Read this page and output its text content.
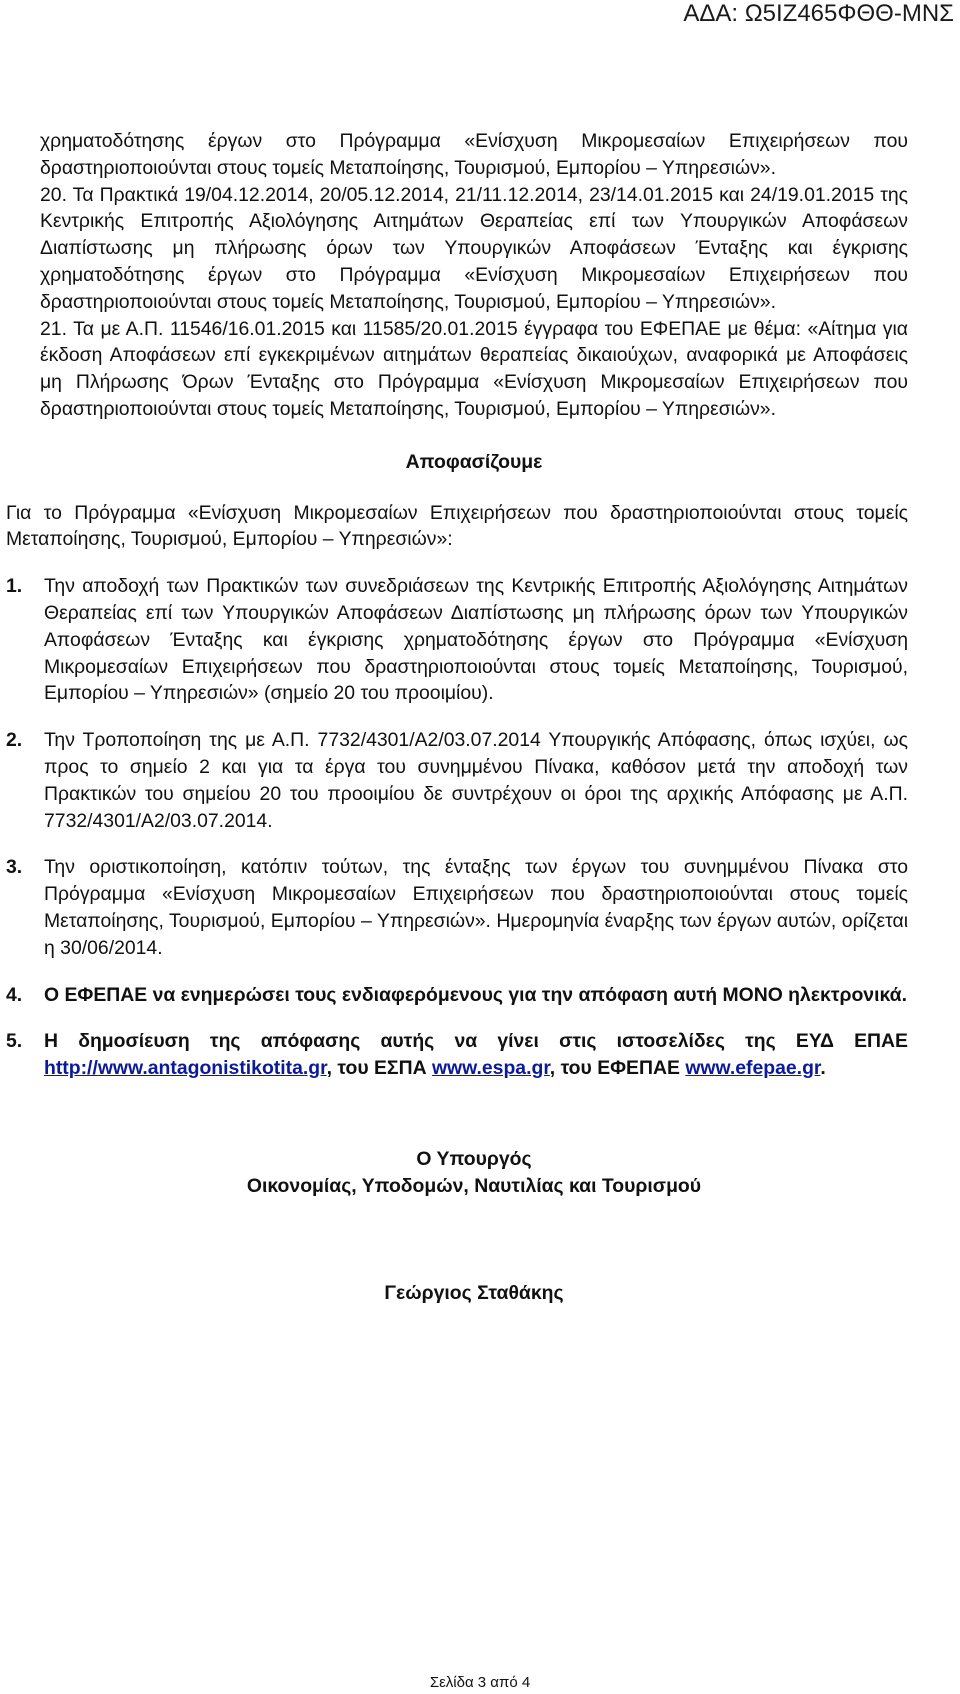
ΑΔΑ: Ω5ΙΖ465ΦΘΘ-ΜΝΣ

χρηματοδότησης έργων στο Πρόγραμμα «Ενίσχυση Μικρομεσαίων Επιχειρήσεων που δραστηριοποιούνται στους τομείς Μεταποίησης, Τουρισμού, Εμπορίου – Υπηρεσιών».

20. Τα Πρακτικά 19/04.12.2014, 20/05.12.2014, 21/11.12.2014, 23/14.01.2015 και 24/19.01.2015 της Κεντρικής Επιτροπής Αξιολόγησης Αιτημάτων Θεραπείας επί των Υπουργικών Αποφάσεων Διαπίστωσης μη πλήρωσης όρων των Υπουργικών Αποφάσεων Ένταξης και έγκρισης χρηματοδότησης έργων στο Πρόγραμμα «Ενίσχυση Μικρομεσαίων Επιχειρήσεων που δραστηριοποιούνται στους τομείς Μεταποίησης, Τουρισμού, Εμπορίου – Υπηρεσιών».

21. Τα με Α.Π. 11546/16.01.2015 και 11585/20.01.2015 έγγραφα του ΕΦΕΠΑΕ με θέμα: «Αίτημα για έκδοση Αποφάσεων επί εγκεκριμένων αιτημάτων θεραπείας δικαιούχων, αναφορικά με Αποφάσεις μη Πλήρωσης Όρων Ένταξης στο Πρόγραμμα «Ενίσχυση Μικρομεσαίων Επιχειρήσεων που δραστηριοποιούνται στους τομείς Μεταποίησης, Τουρισμού, Εμπορίου – Υπηρεσιών».

Αποφασίζουμε

Για το Πρόγραμμα «Ενίσχυση Μικρομεσαίων Επιχειρήσεων που δραστηριοποιούνται στους τομείς Μεταποίησης, Τουρισμού, Εμπορίου – Υπηρεσιών»:

1.	Την αποδοχή των Πρακτικών των συνεδριάσεων της Κεντρικής Επιτροπής Αξιολόγησης Αιτημάτων Θεραπείας επί των Υπουργικών Αποφάσεων Διαπίστωσης μη πλήρωσης όρων των Υπουργικών Αποφάσεων Ένταξης και έγκρισης χρηματοδότησης έργων στο Πρόγραμμα «Ενίσχυση Μικρομεσαίων Επιχειρήσεων που δραστηριοποιούνται στους τομείς Μεταποίησης, Τουρισμού, Εμπορίου – Υπηρεσιών» (σημείο 20 του προοιμίου).
2.	Την Τροποποίηση της με Α.Π. 7732/4301/Α2/03.07.2014 Υπουργικής Απόφασης, όπως ισχύει, ως προς το σημείο 2 και για τα έργα του συνημμένου Πίνακα, καθόσον μετά την αποδοχή των Πρακτικών του σημείου 20 του προοιμίου δε συντρέχουν οι όροι της αρχικής Απόφασης με Α.Π. 7732/4301/Α2/03.07.2014.
3.	Την οριστικοποίηση, κατόπιν τούτων, της ένταξης των έργων του συνημμένου Πίνακα στο Πρόγραμμα «Ενίσχυση Μικρομεσαίων Επιχειρήσεων που δραστηριοποιούνται στους τομείς Μεταποίησης, Τουρισμού, Εμπορίου – Υπηρεσιών». Ημερομηνία έναρξης των έργων αυτών, ορίζεται η 30/06/2014.
4.	Ο ΕΦΕΠΑΕ να ενημερώσει τους ενδιαφερόμενους για την απόφαση αυτή ΜΟΝΟ ηλεκτρονικά.
5.	Η δημοσίευση της απόφασης αυτής να γίνει στις ιστοσελίδες της ΕΥΔ ΕΠΑΕ http://www.antagonistikotita.gr, του ΕΣΠΑ www.espa.gr, του ΕΦΕΠΑΕ www.efepae.gr.

Ο Υπουργός

Οικονομίας, Υποδομών, Ναυτιλίας και Τουρισμού

Γεώργιος Σταθάκης

Σελίδα 3 από 4
